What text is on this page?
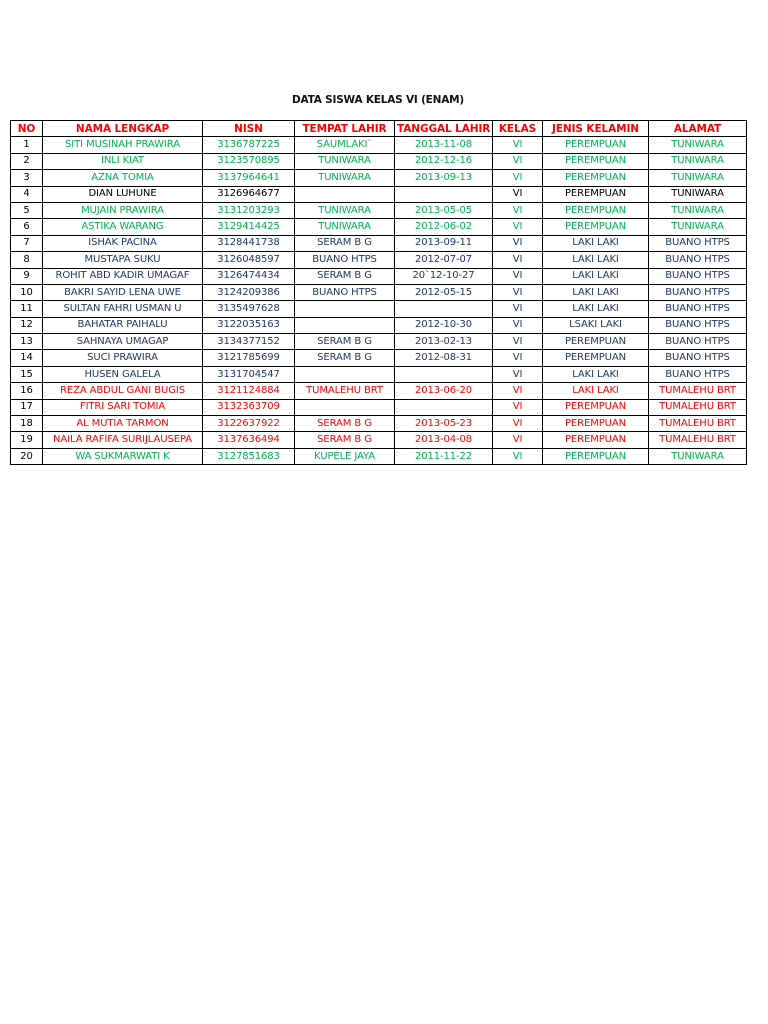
DATA SISWA KELAS VI (ENAM)
NO	NAMA LENGKAP	NISN	TEMPAT LAHIR	TANGGAL LAHIR	KELAS	JENIS KELAMIN	ALAMAT
1	SITI MUSINAH PRAWIRA	3136787225	SAUMLAKI`	2013-11-08	VI	PEREMPUAN	TUNIWARA
2	INLI KIAT	3123570895	TUNIWARA	2012-12-16	VI	PEREMPUAN	TUNIWARA
3	AZNA TOMIA	3137964641	TUNIWARA	2013-09-13	VI	PEREMPUAN	TUNIWARA
4	DIAN LUHUNE	3126964677			VI	PEREMPUAN	TUNIWARA
5	MUJAIN PRAWIRA	3131203293	TUNIWARA	2013-05-05	VI	PEREMPUAN	TUNIWARA
6	ASTIKA WARANG	3129414425	TUNIWARA	2012-06-02	VI	PEREMPUAN	TUNIWARA
7	ISHAK PACINA	3128441738	SERAM B G	2013-09-11	VI	LAKI LAKI	BUANO HTPS
8	MUSTAPA SUKU	3126048597	BUANO HTPS	2012-07-07	VI	LAKI LAKI	BUANO HTPS
9	ROHIT ABD KADIR UMAGAF	3126474434	SERAM B G	20`12-10-27	VI	LAKI LAKI	BUANO HTPS
10	BAKRI SAYID LENA UWE	3124209386	BUANO HTPS	2012-05-15	VI	LAKI LAKI	BUANO HTPS
11	SULTAN FAHRI USMAN U	3135497628			VI	LAKI LAKI	BUANO HTPS
12	BAHATAR PAIHALU	3122035163		2012-10-30	VI	LSAKI LAKI	BUANO HTPS
13	SAHNAYA UMAGAP	3134377152	SERAM B G	2013-02-13	VI	PEREMPUAN	BUANO HTPS
14	SUCI PRAWIRA	3121785699	SERAM B G	2012-08-31	VI	PEREMPUAN	BUANO HTPS
15	HUSEN GALELA	3131704547			VI	LAKI LAKI	BUANO HTPS
16	REZA ABDUL GANI BUGIS	3121124884	TUMALEHU BRT	2013-06-20	VI	LAKI LAKI	TUMALEHU BRT
17	FITRI SARI TOMIA	3132363709			VI	PEREMPUAN	TUMALEHU BRT
18	AL MUTIA TARMON	3122637922	SERAM B G	2013-05-23	VI	PEREMPUAN	TUMALEHU BRT
19	NAILA RAFIFA SURIJLAUSEPA	3137636494	SERAM B G	2013-04-08	VI	PEREMPUAN	TUMALEHU BRT
20	WA SUKMARWATI K	3127851683	KUPELE JAYA	2011-11-22	VI	PEREMPUAN	TUNIWARA
